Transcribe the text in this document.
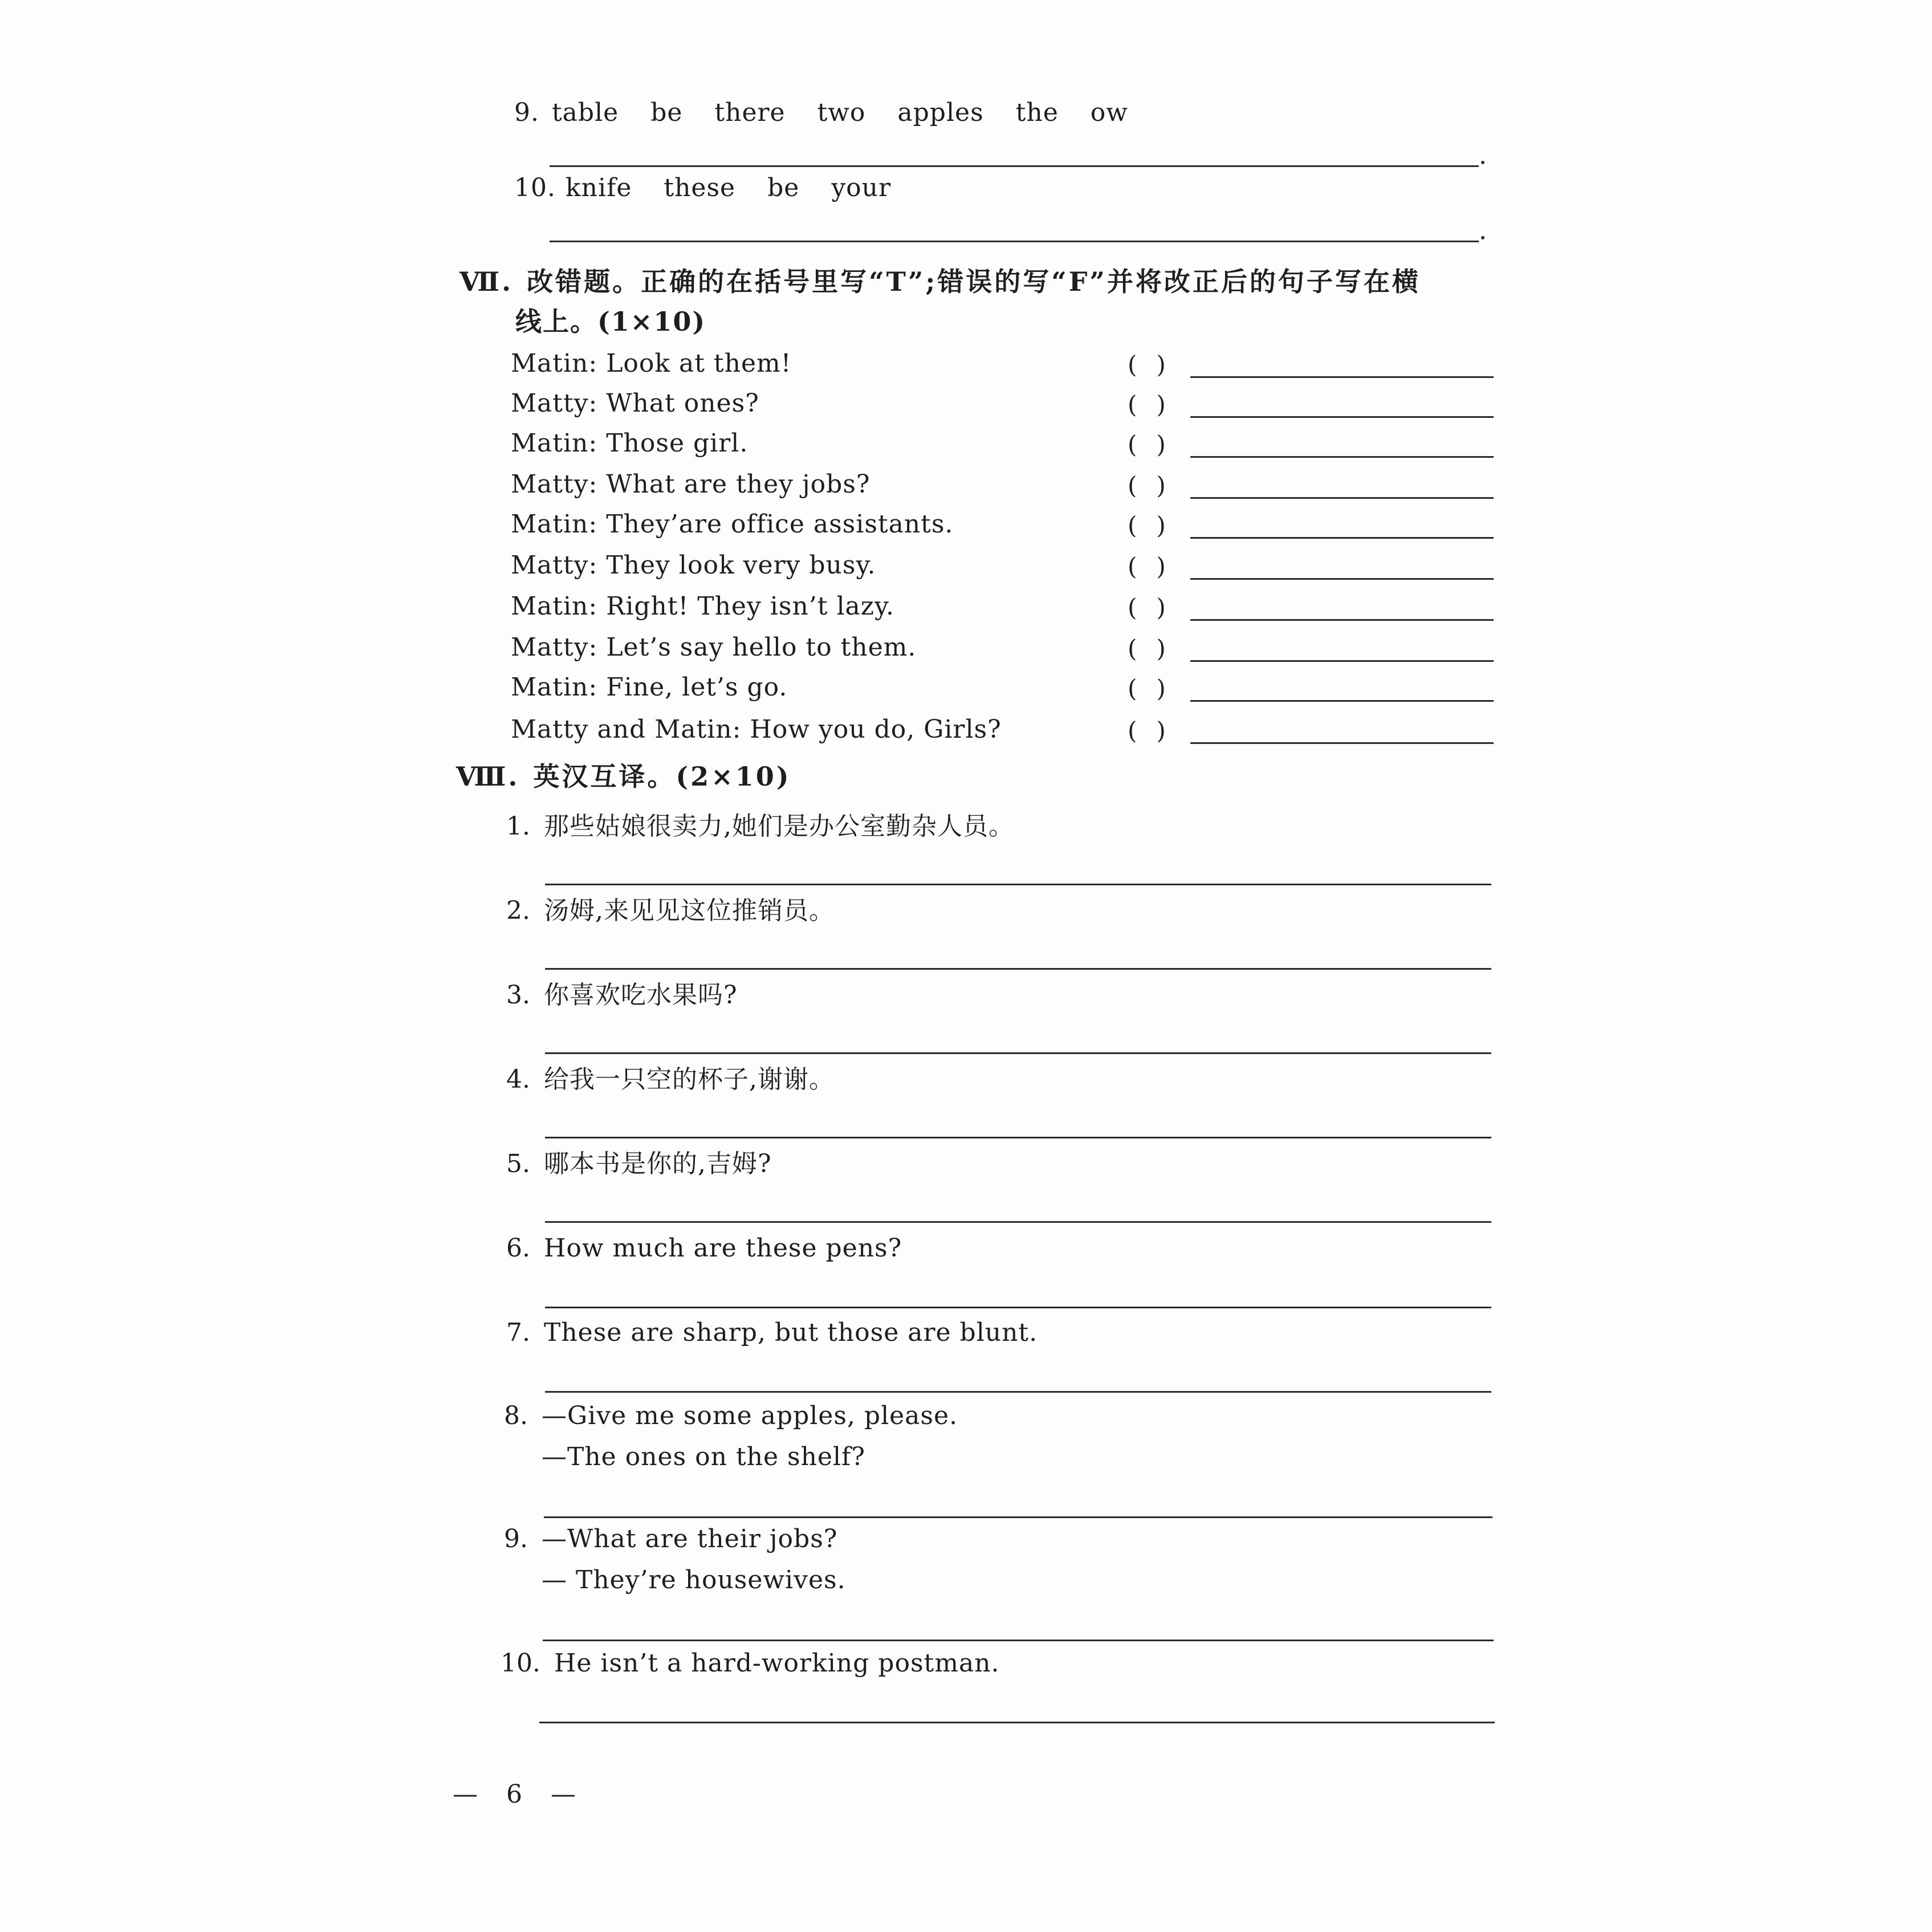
9. table be there two apples the ow
10. knife these be your
Ⅶ. 改错题。正确的在括号里写“T”;错误的写“F”并将改正后的句子写在横
线上。(1×10)
Matin: Look at them!	( )
Matty: What ones?	( )
Matin: Those girl.	( )
Matty: What are they jobs?	( )
Matin: They’are office assistants.	( )
Matty: They look very busy.	( )
Matin: Right! They isn’t lazy.	( )
Matty: Let’s say hello to them.	( )
Matin: Fine, let’s go.	( )
Matty and Matin: How you do, Girls?	( )
Ⅷ. 英汉互译。(2×10)
1. 那些姑娘很卖力,她们是办公室勤杂人员。
2. 汤姆,来见见这位推销员。
3. 你喜欢吃水果吗?
4. 给我一只空的杯子,谢谢。
5. 哪本书是你的,吉姆?
6. How much are these pens?
7. These are sharp, but those are blunt.
8. —Give me some apples, please.
—The ones on the shelf?
9. —What are their jobs?
— They’re housewives.
10. He isn’t a hard-working postman.
— 6 —
